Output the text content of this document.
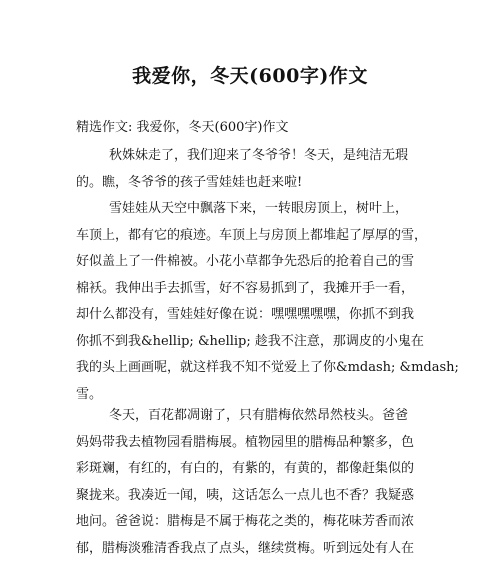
我爱你，冬天(600字)作文
精选作文: 我爱你，冬天(600字)作文
秋姝妹走了，我们迎来了冬爷爷！冬天，是纯洁无瑕
的。瞧，冬爷爷的孩子雪娃娃也赶来啦!
雪娃娃从天空中飘落下来，一转眼房顶上，树叶上，
车顶上，都有它的痕迹。车顶上与房顶上都堆起了厚厚的雪，
好似盖上了一件棉被。小花小草都争先恐后的抢着自己的雪
棉袄。我伸出手去抓雪，好不容易抓到了，我摊开手一看，
却什么都没有，雪娃娃好像在说：嘿嘿嘿嘿嘿，你抓不到我
你抓不到我&hellip; &hellip; 趁我不注意，那调皮的小鬼在
我的头上画画呢，就这样我不知不觉爱上了你&mdash; &mdash;
雪。
冬天，百花都凋谢了，只有腊梅依然昂然枝头。爸爸
妈妈带我去植物园看腊梅展。植物园里的腊梅品种繁多，色
彩斑斓，有红的，有白的，有紫的，有黄的，都像赶集似的
聚拢来。我凑近一闻，咦，这话怎么一点儿也不香？我疑惑
地问。爸爸说：腊梅是不属于梅花之类的，梅花味芳香而浓
郁，腊梅淡雅清香我点了点头，继续赏梅。听到远处有人在
